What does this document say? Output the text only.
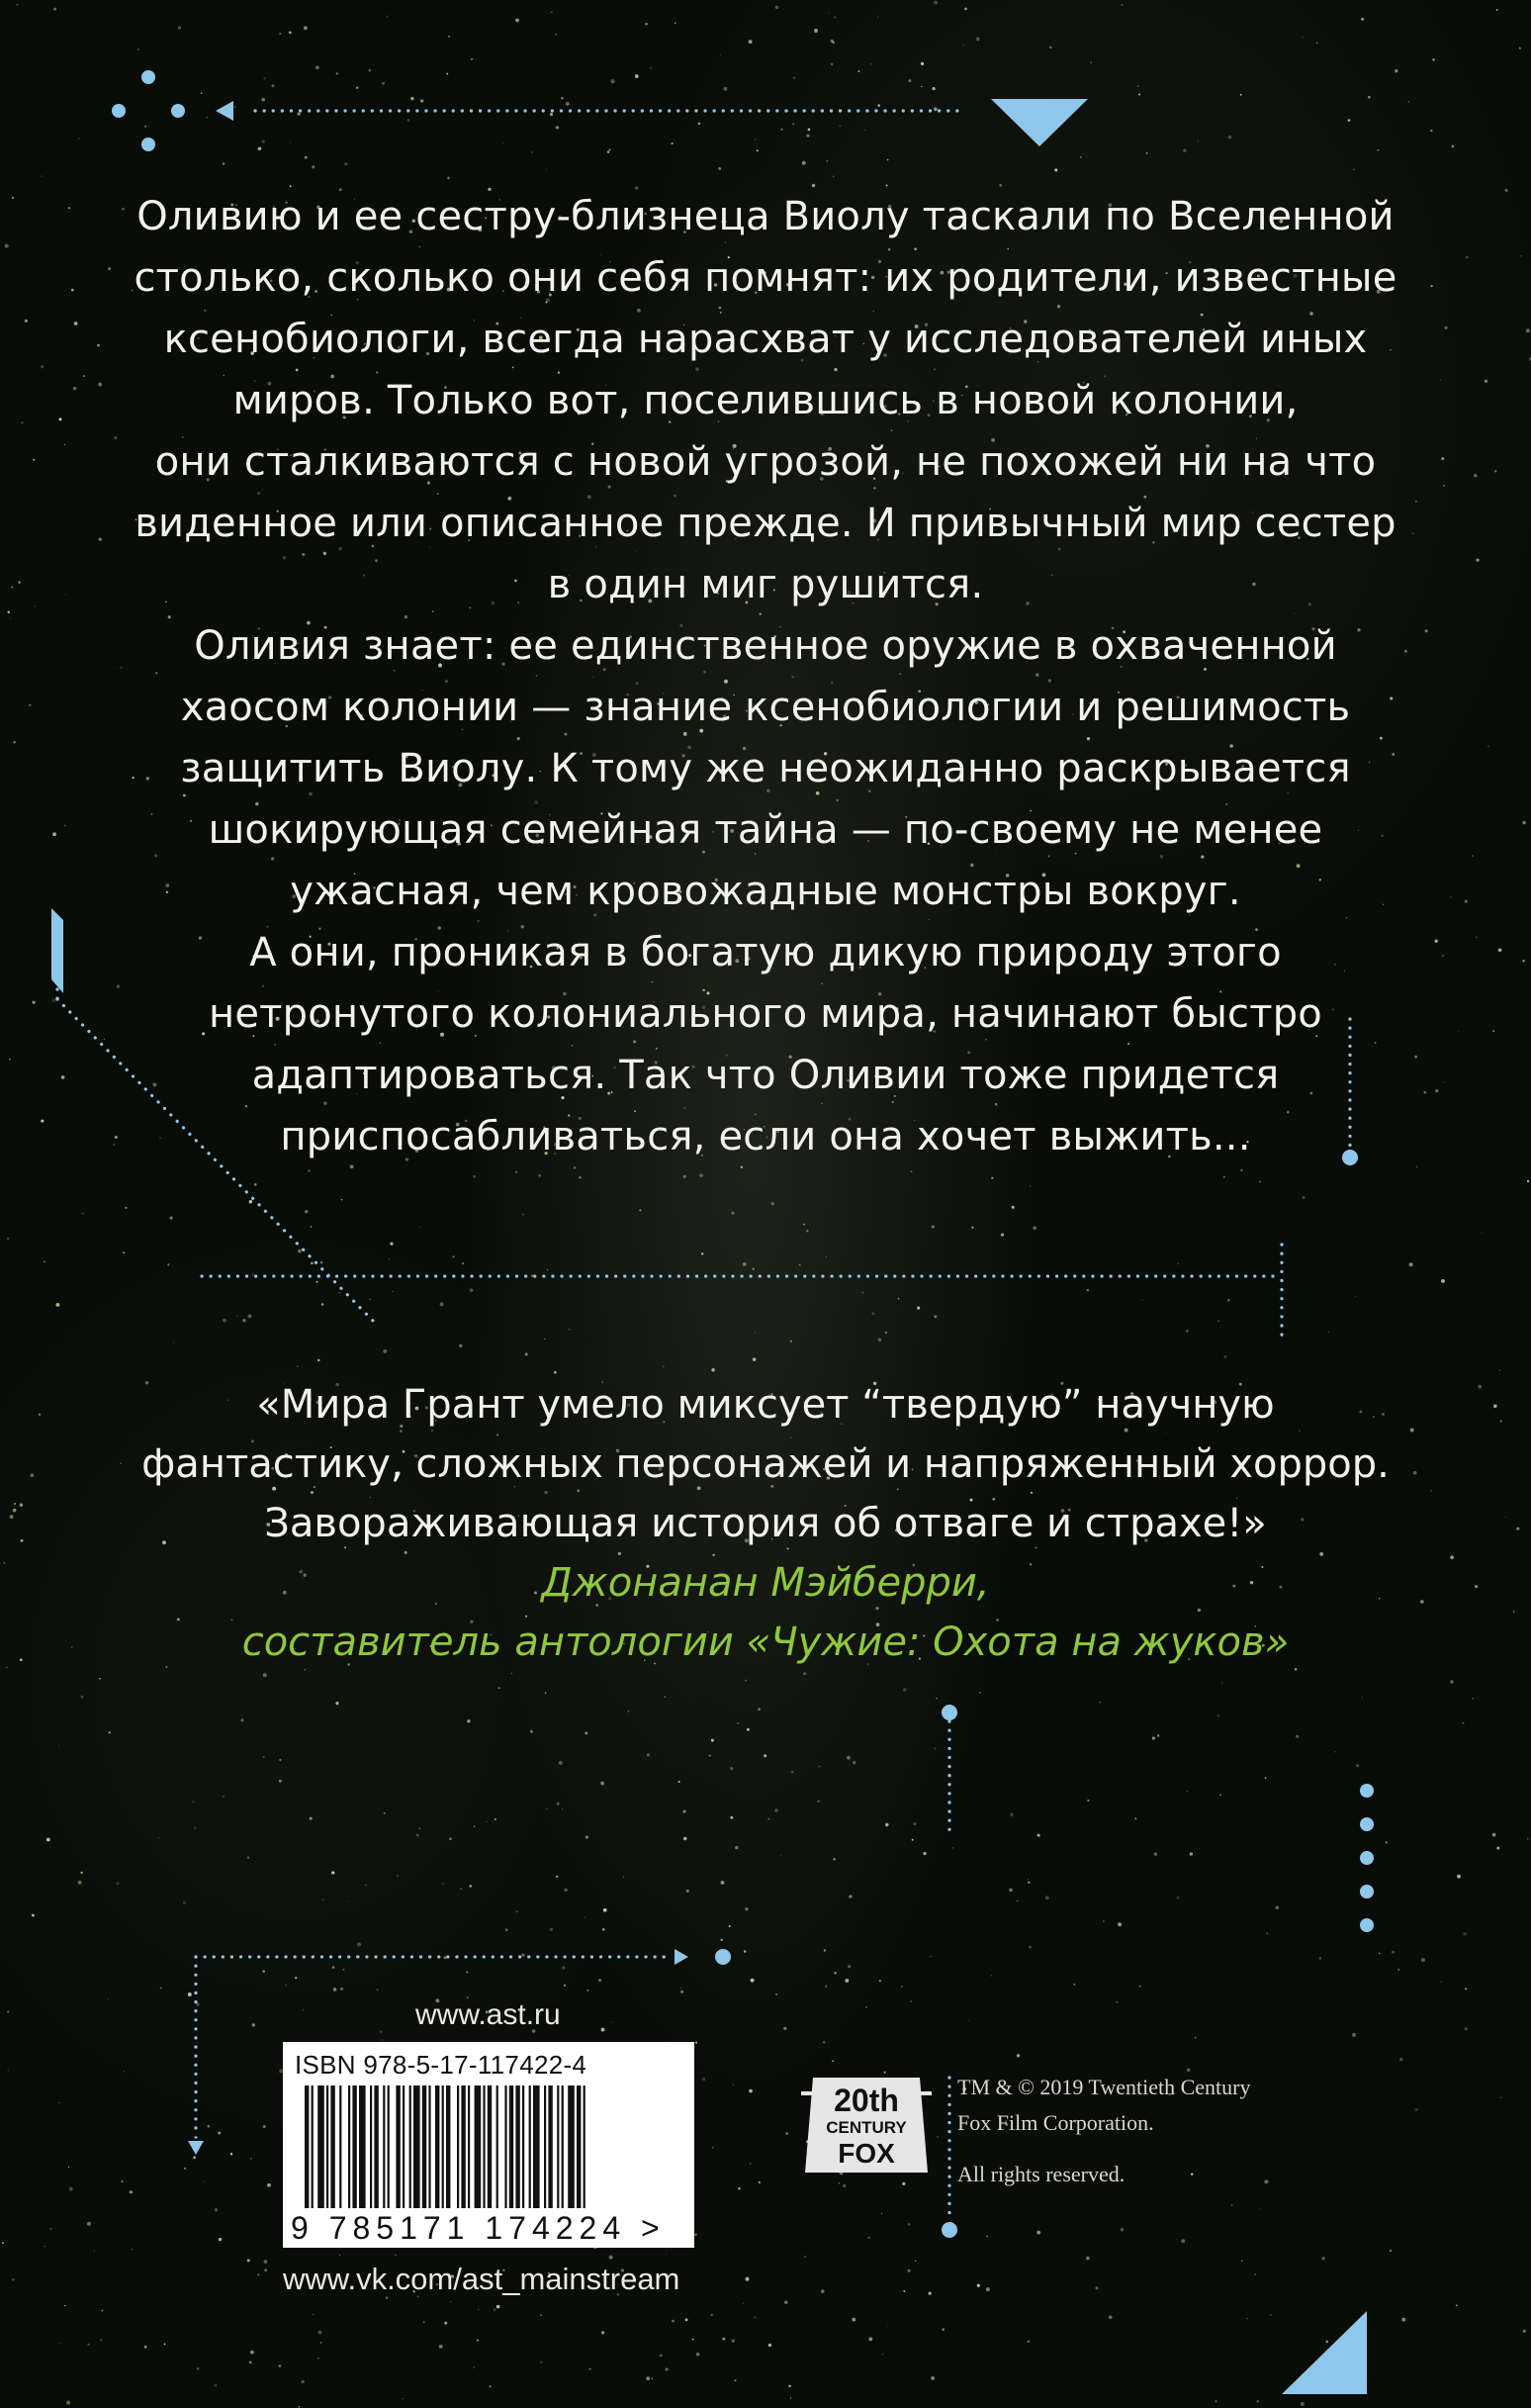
Оливию и ее сестру-близнеца Виолу таскали по Вселенной

столько, сколько они себя помнят: их родители, известные

ксенобиологи, всегда нарасхват у исследователей иных

миров. Только вот, поселившись в новой колонии,

они сталкиваются с новой угрозой, не похожей ни на что

виденное или описанное прежде. И привычный мир сестер

в один миг рушится.

Оливия знает: ее единственное оружие в охваченной

хаосом колонии — знание ксенобиологии и решимость

защитить Виолу. К тому же неожиданно раскрывается

шокирующая семейная тайна — по-своему не менее

ужасная, чем кровожадные монстры вокруг.

А они, проникая в богатую дикую природу этого

нетронутого колониального мира, начинают быстро

адаптироваться. Так что Оливии тоже придется

приспосабливаться, если она хочет выжить...

«Мира Грант умело миксует “твердую” научную

фантастику, сложных персонажей и напряженный хоррор.

Завораживающая история об отваге и страхе!»

Джонанан Мэйберри,

составитель антологии «Чужие: Охота на жуков»

www.ast.ru
ISBN 978-5-17-117422-4
9 785171 174224 >
www.vk.com/ast_mainstream
20th
CENTURY
FOX
TM & © 2019 Twentieth Century
Fox Film Corporation.
All rights reserved.
